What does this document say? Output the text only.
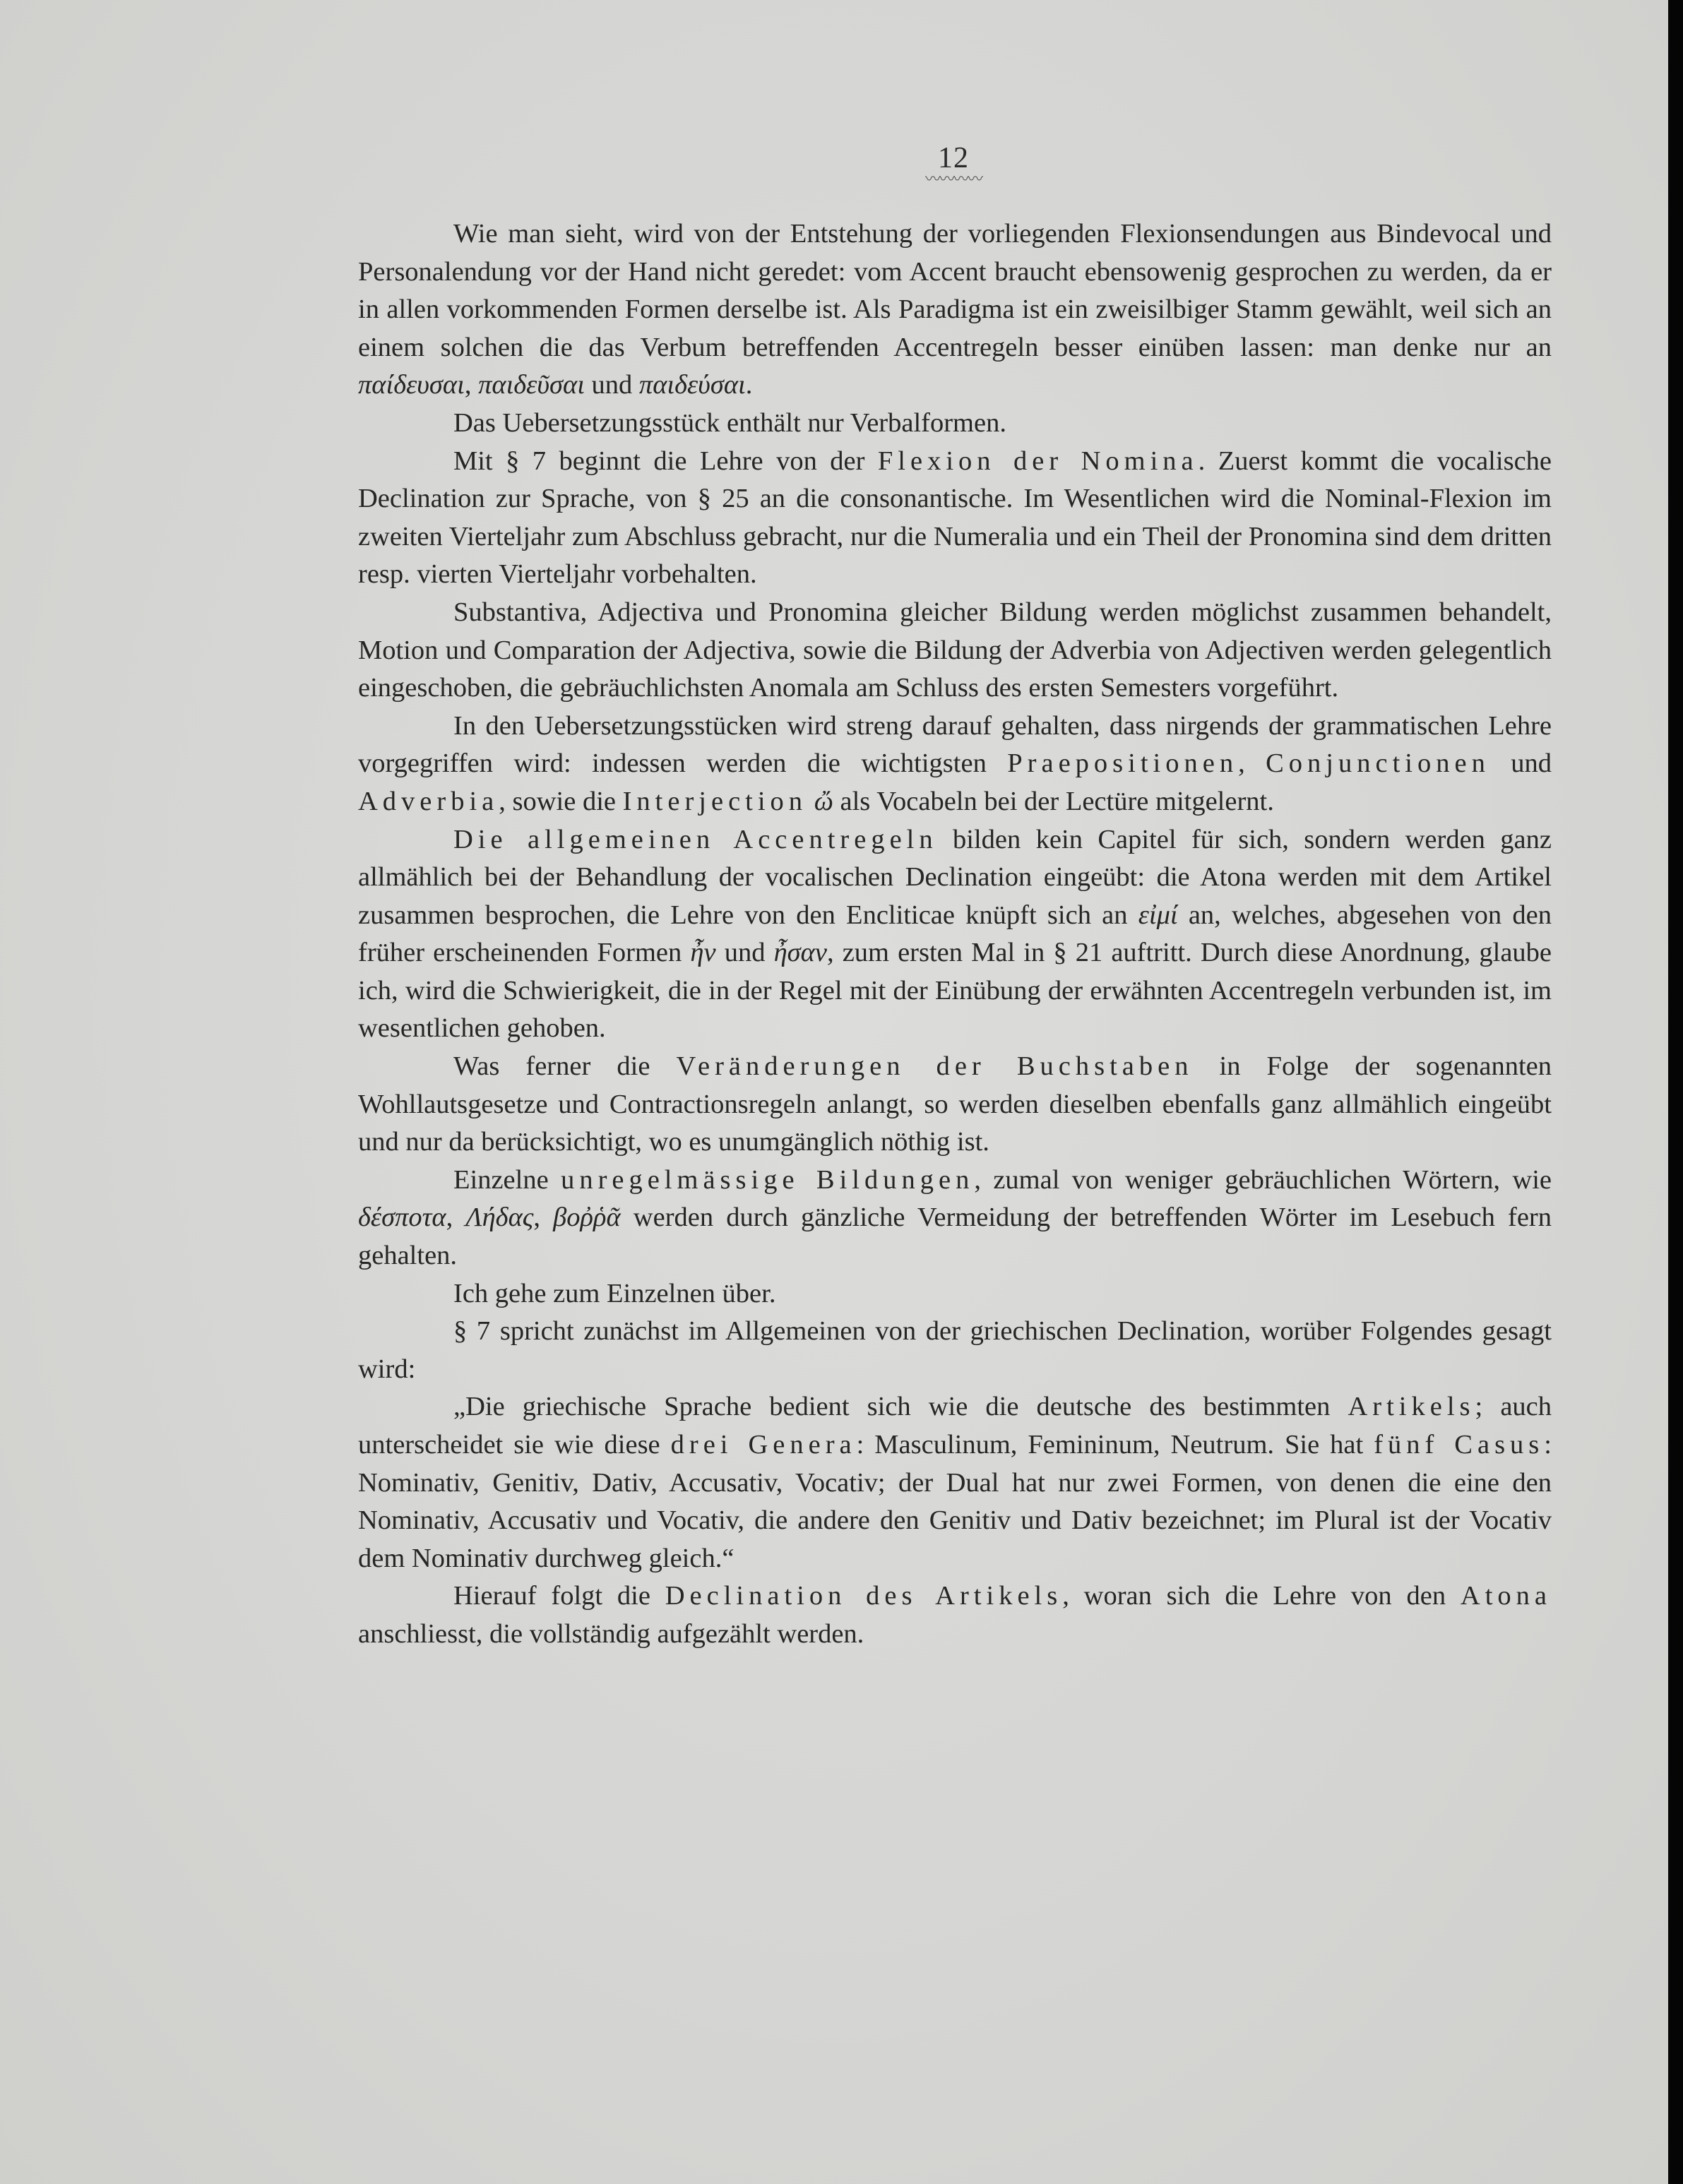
12
〰〰〰〰

Wie man sieht, wird von der Entstehung der vorliegenden Flexionsendungen aus Bindevocal und Personalendung vor der Hand nicht geredet: vom Accent braucht ebensowenig gesprochen zu werden, da er in allen vorkommenden Formen derselbe ist. Als Paradigma ist ein zweisilbiger Stamm gewählt, weil sich an einem solchen die das Verbum betreffenden Accentregeln besser einüben lassen: man denke nur an παίδευσαι, παιδεῦσαι und παιδεύσαι.

Das Uebersetzungsstück enthält nur Verbalformen.

Mit § 7 beginnt die Lehre von der Flexion der Nomina. Zuerst kommt die vocalische Declination zur Sprache, von § 25 an die consonantische. Im Wesentlichen wird die Nominal-Flexion im zweiten Vierteljahr zum Abschluss gebracht, nur die Numeralia und ein Theil der Pronomina sind dem dritten resp. vierten Vierteljahr vorbehalten.

Substantiva, Adjectiva und Pronomina gleicher Bildung werden möglichst zusammen behandelt, Motion und Comparation der Adjectiva, sowie die Bildung der Adverbia von Adjectiven werden gelegentlich eingeschoben, die gebräuchlichsten Anomala am Schluss des ersten Semesters vorgeführt.

In den Uebersetzungsstücken wird streng darauf gehalten, dass nirgends der grammatischen Lehre vorgegriffen wird: indessen werden die wichtigsten Praepositionen, Conjunctionen und Adverbia, sowie die Interjection ὤ als Vocabeln bei der Lectüre mitgelernt.

Die allgemeinen Accentregeln bilden kein Capitel für sich, sondern werden ganz allmählich bei der Behandlung der vocalischen Declination eingeübt: die Atona werden mit dem Artikel zusammen besprochen, die Lehre von den Encliticae knüpft sich an εἰμί an, welches, abgesehen von den früher erscheinenden Formen ἦν und ἦσαν, zum ersten Mal in § 21 auftritt. Durch diese Anordnung, glaube ich, wird die Schwierigkeit, die in der Regel mit der Einübung der erwähnten Accentregeln verbunden ist, im wesentlichen gehoben.

Was ferner die Veränderungen der Buchstaben in Folge der sogenannten Wohllautsgesetze und Contractionsregeln anlangt, so werden dieselben ebenfalls ganz allmählich eingeübt und nur da berücksichtigt, wo es unumgänglich nöthig ist.

Einzelne unregelmässige Bildungen, zumal von weniger gebräuchlichen Wörtern, wie δέσποτα, Λήδας, βοῤῥᾶ werden durch gänzliche Vermeidung der betreffenden Wörter im Lesebuch fern gehalten.

Ich gehe zum Einzelnen über.

§ 7 spricht zunächst im Allgemeinen von der griechischen Declination, worüber Folgendes gesagt wird:

„Die griechische Sprache bedient sich wie die deutsche des bestimmten Artikels; auch unterscheidet sie wie diese drei Genera: Masculinum, Femininum, Neutrum. Sie hat fünf Casus: Nominativ, Genitiv, Dativ, Accusativ, Vocativ; der Dual hat nur zwei Formen, von denen die eine den Nominativ, Accusativ und Vocativ, die andere den Genitiv und Dativ bezeichnet; im Plural ist der Vocativ dem Nominativ durchweg gleich.“

Hierauf folgt die Declination des Artikels, woran sich die Lehre von den Atona anschliesst, die vollständig aufgezählt werden.
